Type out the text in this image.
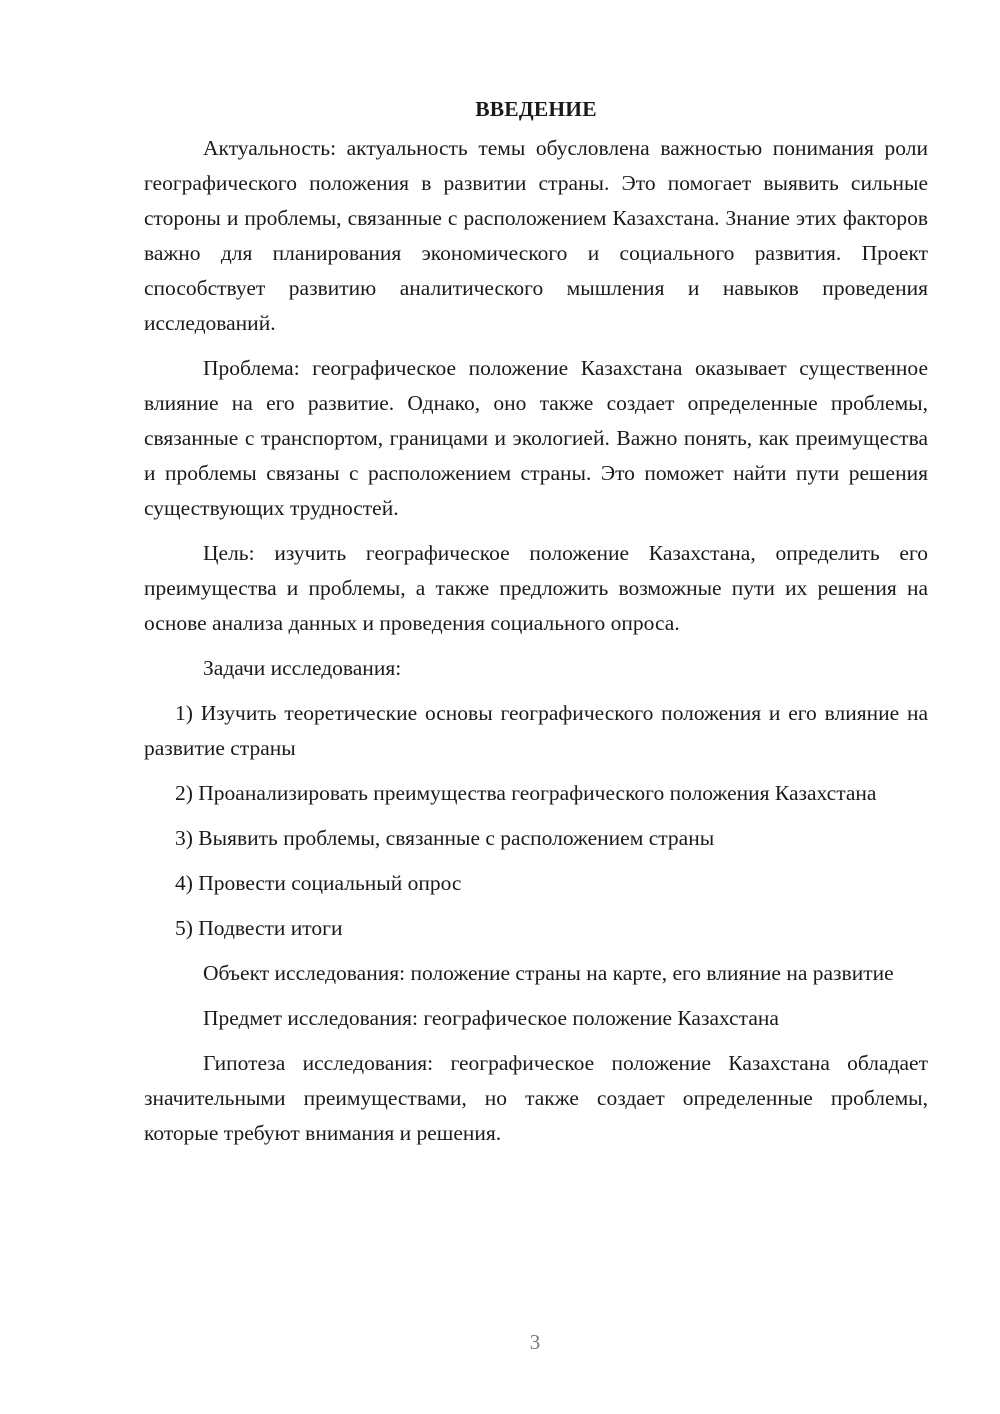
ВВЕДЕНИЕ

Актуальность: актуальность темы обусловлена важностью понимания роли географического положения в развитии страны. Это помогает выявить сильные стороны и проблемы, связанные с расположением Казахстана. Знание этих факторов важно для планирования экономического и социального развития. Проект способствует развитию аналитического мышления и навыков проведения исследований.

Проблема: географическое положение Казахстана оказывает существенное влияние на его развитие. Однако, оно также создает определенные проблемы, связанные с транспортом, границами и экологией. Важно понять, как преимущества и проблемы связаны с расположением страны. Это поможет найти пути решения существующих трудностей.

Цель: изучить географическое положение Казахстана, определить его преимущества и проблемы, а также предложить возможные пути их решения на основе анализа данных и проведения социального опроса.

Задачи исследования:

1) Изучить теоретические основы географического положения и его влияние на развитие страны

2) Проанализировать преимущества географического положения Казахстана

3) Выявить проблемы, связанные с расположением страны

4) Провести социальный опрос

5) Подвести итоги

Объект исследования: положение страны на карте, его влияние на развитие

Предмет исследования: географическое положение Казахстана

Гипотеза исследования: географическое положение Казахстана обладает значительными преимуществами, но также создает определенные проблемы, которые требуют внимания и решения.

3
